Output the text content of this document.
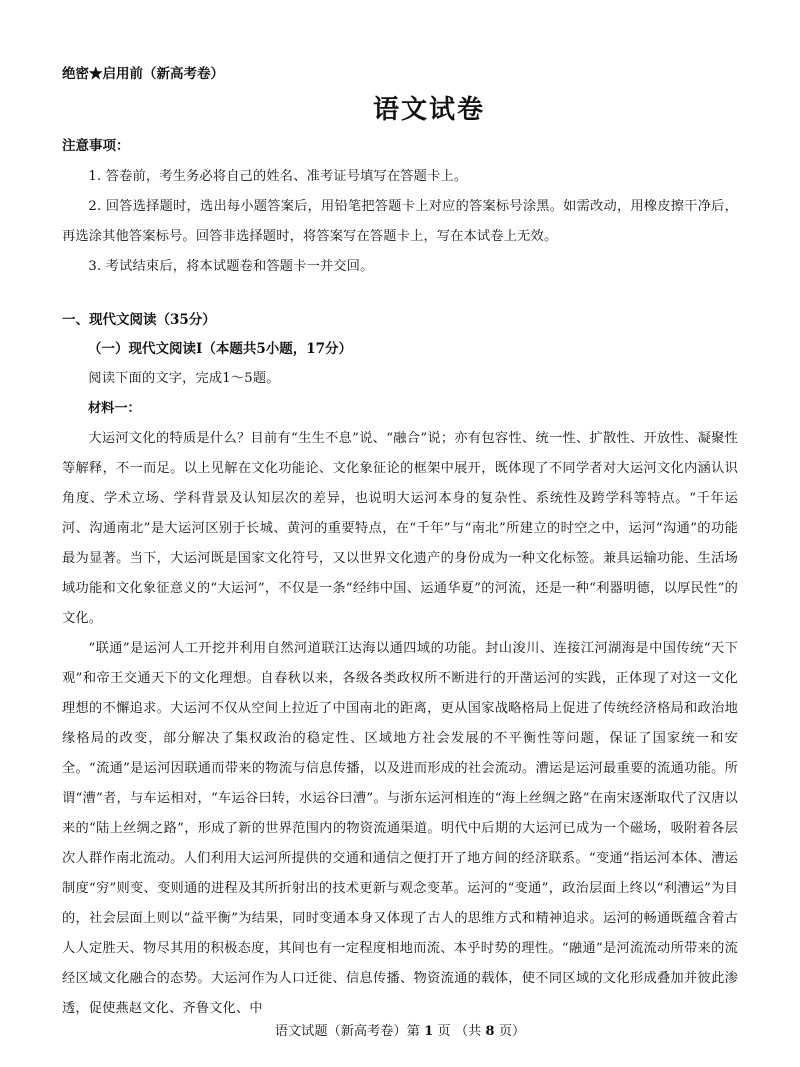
绝密★启用前（新高考卷）
语文试卷
注意事项：

1. 答卷前，考生务必将自己的姓名、准考证号填写在答题卡上。

2. 回答选择题时，选出每小题答案后，用铅笔把答题卡上对应的答案标号涂黑。如需改动，用橡皮擦干净后，再选涂其他答案标号。回答非选择题时，将答案写在答题卡上，写在本试卷上无效。

3. 考试结束后，将本试题卷和答题卡一并交回。

一、现代文阅读（35分）
（一）现代文阅读Ⅰ（本题共5小题，17分）

阅读下面的文字，完成1～5题。

材料一：

大运河文化的特质是什么？目前有“生生不息”说、“融合”说；亦有包容性、统一性、扩散性、开放性、凝聚性等解释，不一而足。以上见解在文化功能论、文化象征论的框架中展开，既体现了不同学者对大运河文化内涵认识角度、学术立场、学科背景及认知层次的差异，也说明大运河本身的复杂性、系统性及跨学科等特点。“千年运河、沟通南北”是大运河区别于长城、黄河的重要特点，在“千年”与“南北”所建立的时空之中，运河“沟通”的功能最为显著。当下，大运河既是国家文化符号，又以世界文化遗产的身份成为一种文化标签。兼具运输功能、生活场域功能和文化象征意义的“大运河”，不仅是一条“经纬中国、运通华夏”的河流，还是一种“利器明德，以厚民性”的文化。

“联通”是运河人工开挖并利用自然河道联江达海以通四域的功能。封山浚川、连接江河湖海是中国传统“天下观”和帝王交通天下的文化理想。自春秋以来，各级各类政权所不断进行的开凿运河的实践，正体现了对这一文化理想的不懈追求。大运河不仅从空间上拉近了中国南北的距离，更从国家战略格局上促进了传统经济格局和政治地缘格局的改变，部分解决了集权政治的稳定性、区域地方社会发展的不平衡性等问题，保证了国家统一和安全。“流通”是运河因联通而带来的物流与信息传播，以及进而形成的社会流动。漕运是运河最重要的流通功能。所谓“漕”者，与车运相对，“车运谷曰转，水运谷曰漕”。与浙东运河相连的“海上丝绸之路”在南宋逐渐取代了汉唐以来的“陆上丝绸之路”，形成了新的世界范围内的物资流通渠道。明代中后期的大运河已成为一个磁场，吸附着各层次人群作南北流动。人们利用大运河所提供的交通和通信之便打开了地方间的经济联系。“变通”指运河本体、漕运制度“穷”则变、变则通的进程及其所折射出的技术更新与观念变革。运河的“变通”，政治层面上终以“利漕运”为目的，社会层面上则以“益平衡”为结果，同时变通本身又体现了古人的思维方式和精神追求。运河的畅通既蕴含着古人人定胜天、物尽其用的积极态度，其间也有一定程度相地而流、本乎时势的理性。“融通”是河流流动所带来的流经区域文化融合的态势。大运河作为人口迁徙、信息传播、物资流通的载体，使不同区域的文化形成叠加并彼此渗透，促使燕赵文化、齐鲁文化、中

语文试题（新高考卷）第 1 页 （共 8 页）
